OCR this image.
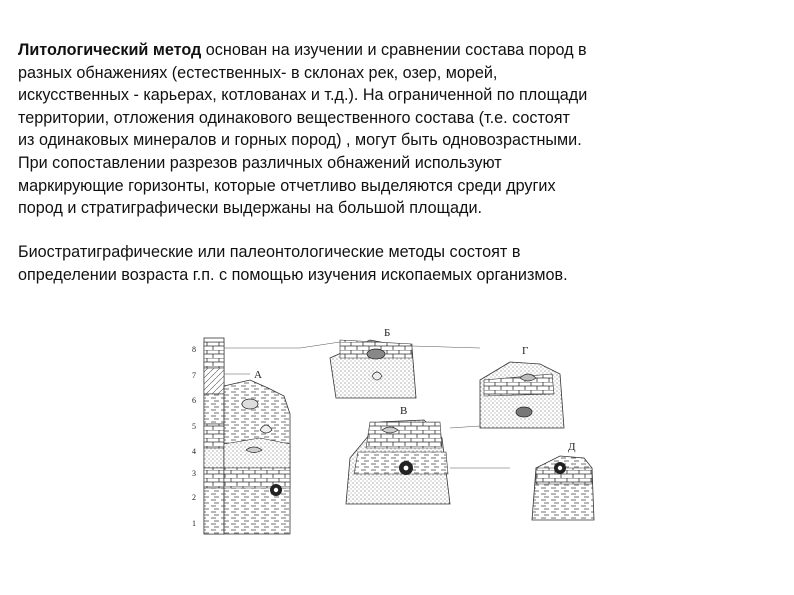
Литологический метод основан на изучении и сравнении состава пород в
разных обнажениях (естественных- в склонах рек, озер, морей,
искусственных - карьерах, котлованах и т.д.). На ограниченной по площади
территории, отложения одинакового вещественного состава (т.е. состоят
из одинаковых минералов и горных пород) , могут быть одновозрастными.
При сопоставлении разрезов различных обнажений используют
маркирующие горизонты, которые отчетливо выделяются среди других
пород и стратиграфически выдержаны на большой площади.

Биостратиграфические или палеонтологические методы состоят в
определении возраста г.п. с помощью изучения ископаемых организмов.

8
7
6
5
4
3
2
1
А
Б
В
Г
Д
